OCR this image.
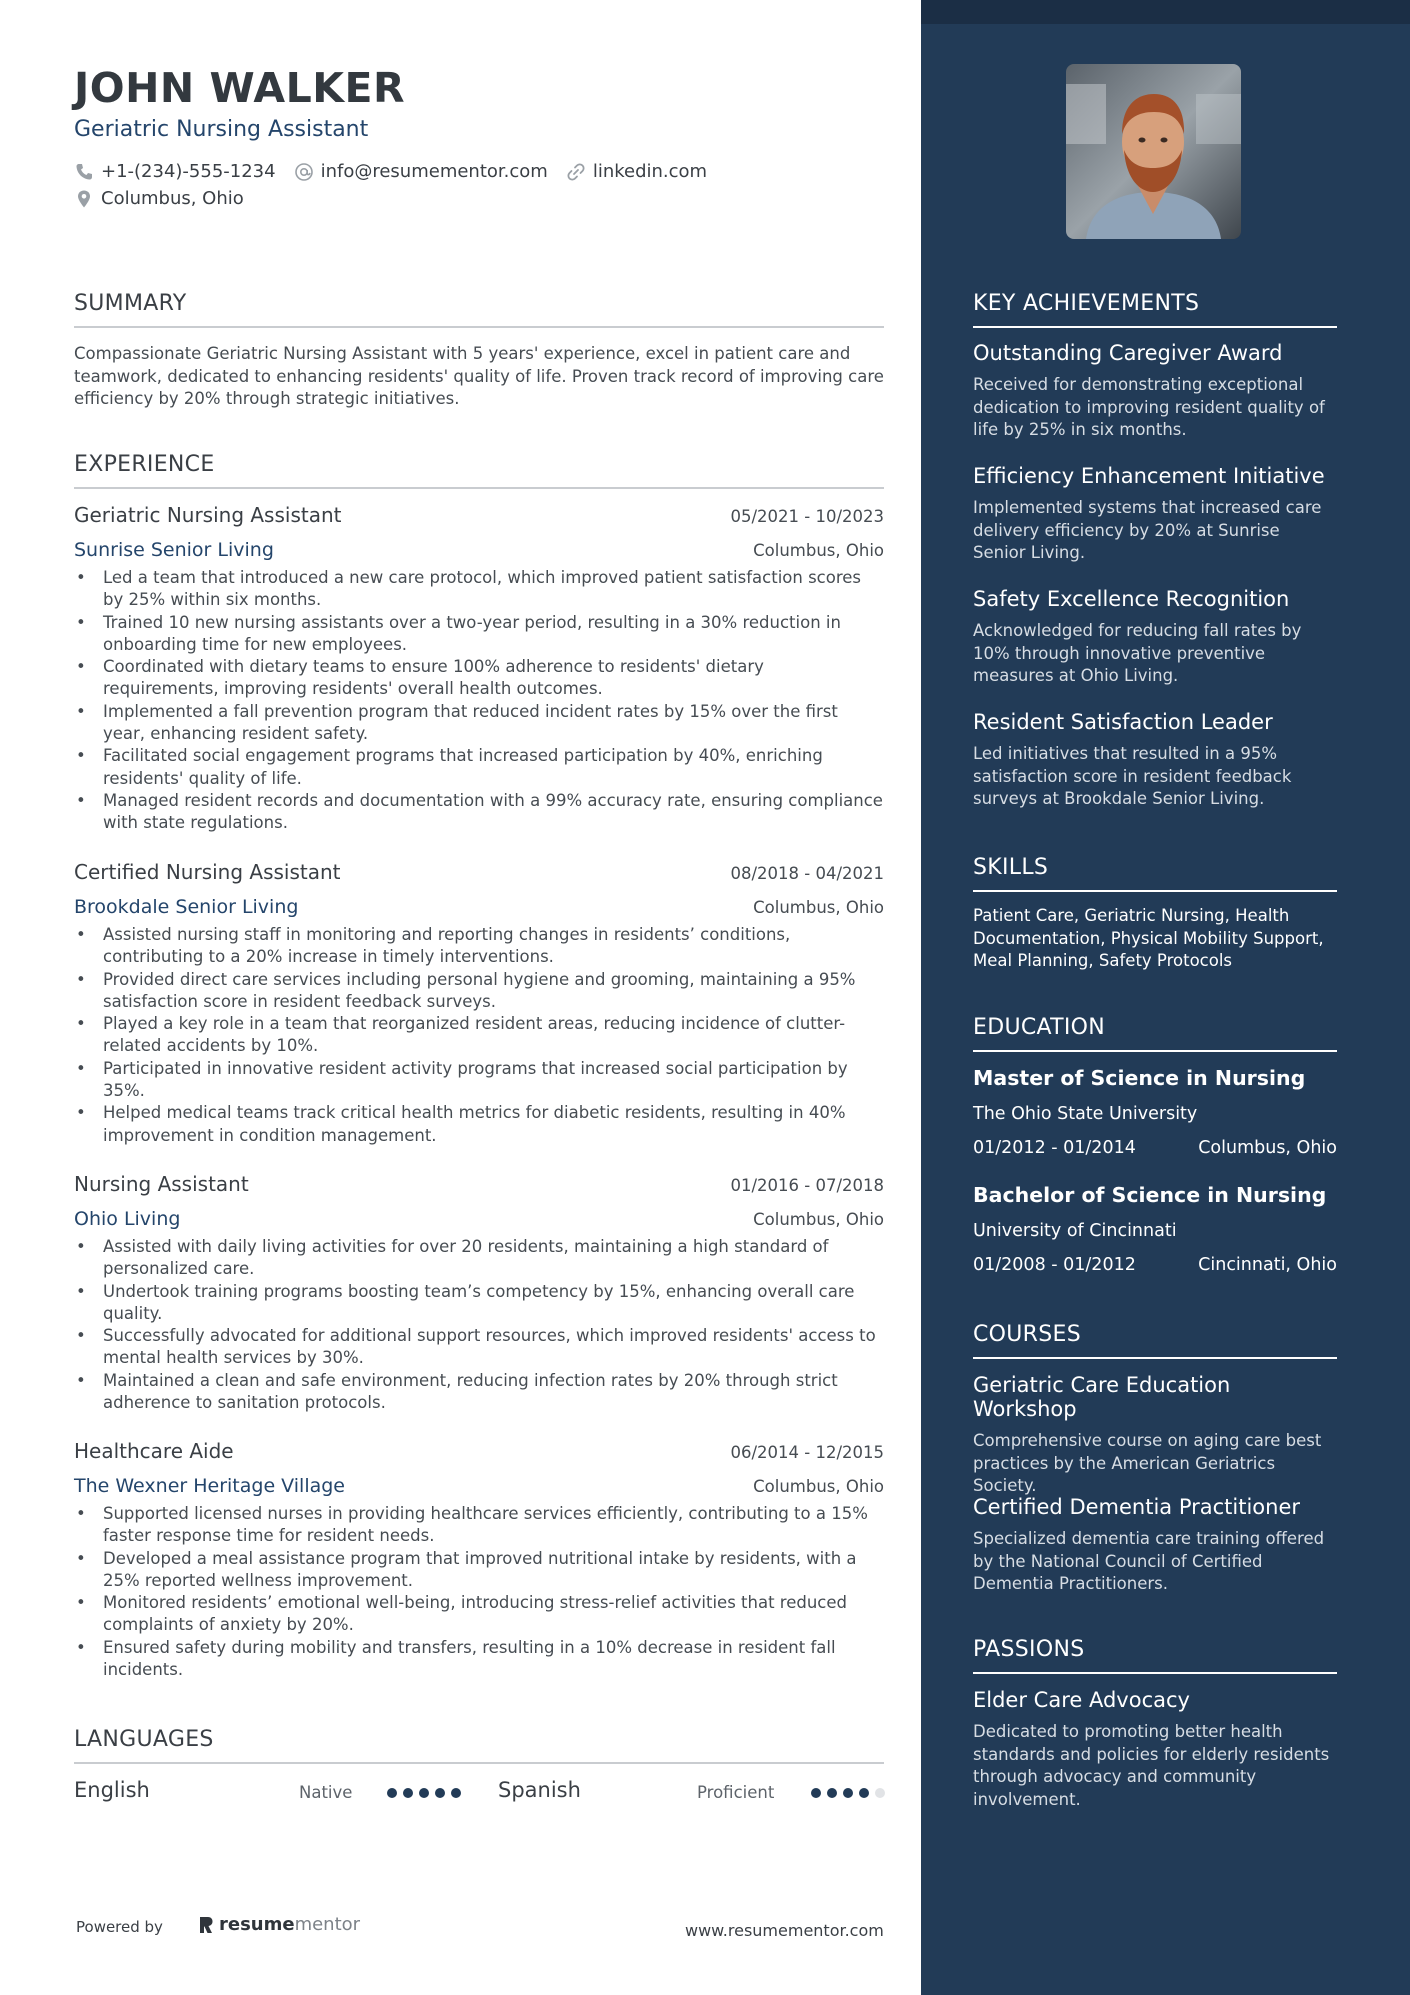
JOHN WALKER
Geriatric Nursing Assistant
+1-(234)-555-1234	info@resumementor.com	linkedin.com
Columbus, Ohio
SUMMARY
Compassionate Geriatric Nursing Assistant with 5 years' experience, excel in patient care and teamwork, dedicated to enhancing residents' quality of life. Proven track record of improving care efficiency by 20% through strategic initiatives.
EXPERIENCE
Geriatric Nursing Assistant	05/2021 - 10/2023
Sunrise Senior Living	Columbus, Ohio
• Led a team that introduced a new care protocol, which improved patient satisfaction scores by 25% within six months.
• Trained 10 new nursing assistants over a two-year period, resulting in a 30% reduction in onboarding time for new employees.
• Coordinated with dietary teams to ensure 100% adherence to residents' dietary requirements, improving residents' overall health outcomes.
• Implemented a fall prevention program that reduced incident rates by 15% over the first year, enhancing resident safety.
• Facilitated social engagement programs that increased participation by 40%, enriching residents' quality of life.
• Managed resident records and documentation with a 99% accuracy rate, ensuring compliance with state regulations.
Certified Nursing Assistant	08/2018 - 04/2021
Brookdale Senior Living	Columbus, Ohio
• Assisted nursing staff in monitoring and reporting changes in residents’ conditions, contributing to a 20% increase in timely interventions.
• Provided direct care services including personal hygiene and grooming, maintaining a 95% satisfaction score in resident feedback surveys.
• Played a key role in a team that reorganized resident areas, reducing incidence of clutter-related accidents by 10%.
• Participated in innovative resident activity programs that increased social participation by 35%.
• Helped medical teams track critical health metrics for diabetic residents, resulting in 40% improvement in condition management.
Nursing Assistant	01/2016 - 07/2018
Ohio Living	Columbus, Ohio
• Assisted with daily living activities for over 20 residents, maintaining a high standard of personalized care.
• Undertook training programs boosting team’s competency by 15%, enhancing overall care quality.
• Successfully advocated for additional support resources, which improved residents' access to mental health services by 30%.
• Maintained a clean and safe environment, reducing infection rates by 20% through strict adherence to sanitation protocols.
Healthcare Aide	06/2014 - 12/2015
The Wexner Heritage Village	Columbus, Ohio
• Supported licensed nurses in providing healthcare services efficiently, contributing to a 15% faster response time for resident needs.
• Developed a meal assistance program that improved nutritional intake by residents, with a 25% reported wellness improvement.
• Monitored residents’ emotional well-being, introducing stress-relief activities that reduced complaints of anxiety by 20%.
• Ensured safety during mobility and transfers, resulting in a 10% decrease in resident fall incidents.
LANGUAGES
English	Native	Spanish	Proficient
Powered by	resume mentor	www.resumementor.com
KEY ACHIEVEMENTS
Outstanding Caregiver Award
Received for demonstrating exceptional dedication to improving resident quality of life by 25% in six months.
Efficiency Enhancement Initiative
Implemented systems that increased care delivery efficiency by 20% at Sunrise Senior Living.
Safety Excellence Recognition
Acknowledged for reducing fall rates by 10% through innovative preventive measures at Ohio Living.
Resident Satisfaction Leader
Led initiatives that resulted in a 95% satisfaction score in resident feedback surveys at Brookdale Senior Living.
SKILLS
Patient Care, Geriatric Nursing, Health Documentation, Physical Mobility Support, Meal Planning, Safety Protocols
EDUCATION
Master of Science in Nursing
The Ohio State University
01/2012 - 01/2014	Columbus, Ohio
Bachelor of Science in Nursing
University of Cincinnati
01/2008 - 01/2012	Cincinnati, Ohio
COURSES
Geriatric Care Education Workshop
Comprehensive course on aging care best practices by the American Geriatrics Society.
Certified Dementia Practitioner
Specialized dementia care training offered by the National Council of Certified Dementia Practitioners.
PASSIONS
Elder Care Advocacy
Dedicated to promoting better health standards and policies for elderly residents through advocacy and community involvement.
